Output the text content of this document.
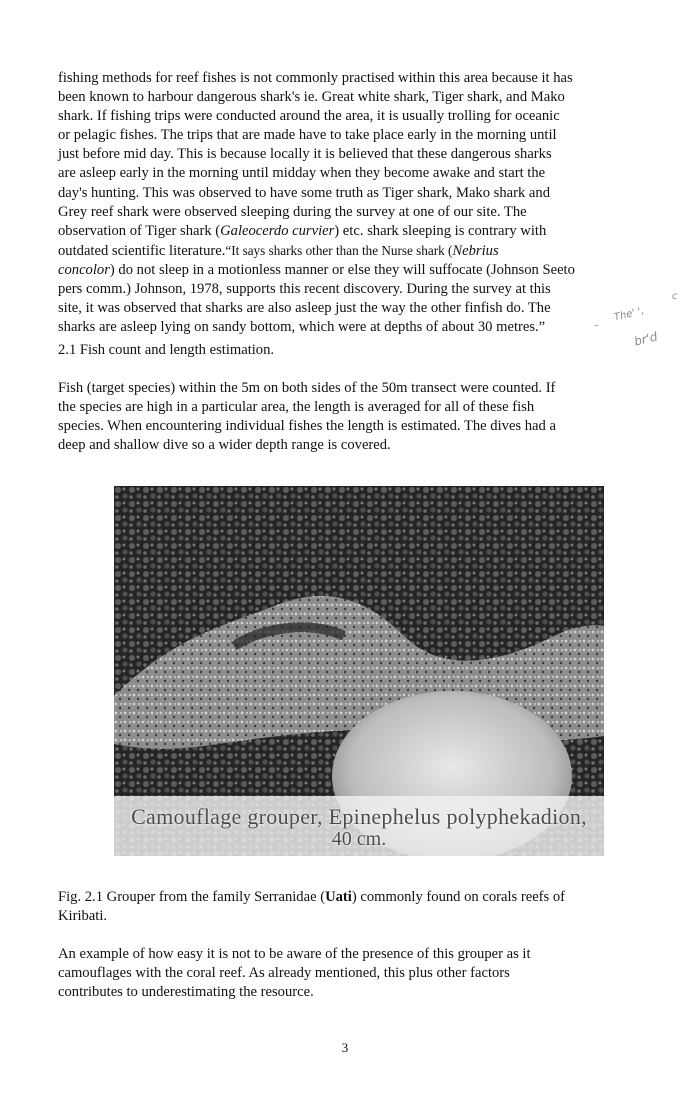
fishing methods for reef fishes is not commonly practised within this area because it has
been known to harbour dangerous shark's ie. Great white shark, Tiger shark, and Mako
shark. If fishing trips were conducted around the area, it is usually trolling for oceanic
or pelagic fishes. The trips that are made have to take place early in the morning until
just before mid day. This is because locally it is believed that these dangerous sharks
are asleep early in the morning until midday when they become awake and start the
day's hunting. This was observed to have some truth as Tiger shark, Mako shark and
Grey reef shark were observed sleeping during the survey at one of our site. The
observation of Tiger shark (Galeocerdo curvier) etc. shark sleeping is contrary with
outdated scientific literature.“It says sharks other than the Nurse shark (Nebrius
concolor) do not sleep in a motionless manner or else they will suffocate (Johnson Seeto
pers comm.) Johnson, 1978, supports this recent discovery. During the survey at this
site, it was observed that sharks are also asleep just the way the other finfish do. The
sharks are asleep lying on sandy bottom, which were at depths of about 30 metres.”	–
c
The' ',
br'd

2.1 Fish count and length estimation.

Fish (target species) within the 5m on both sides of the 50m transect were counted. If
the species are high in a particular area, the length is averaged for all of these fish
species. When encountering individual fishes the length is estimated. The dives had a
deep and shallow dive so a wider depth range is covered.
Camouflage grouper, Epinephelus polyphekadion,
40 cm.
Fig. 2.1 Grouper from the family Serranidae (Uati) commonly found on corals reefs of
Kiribati.
An example of how easy it is not to be aware of the presence of this grouper as it
camouflages with the coral reef. As already mentioned, this plus other factors
contributes to underestimating the resource.
3
